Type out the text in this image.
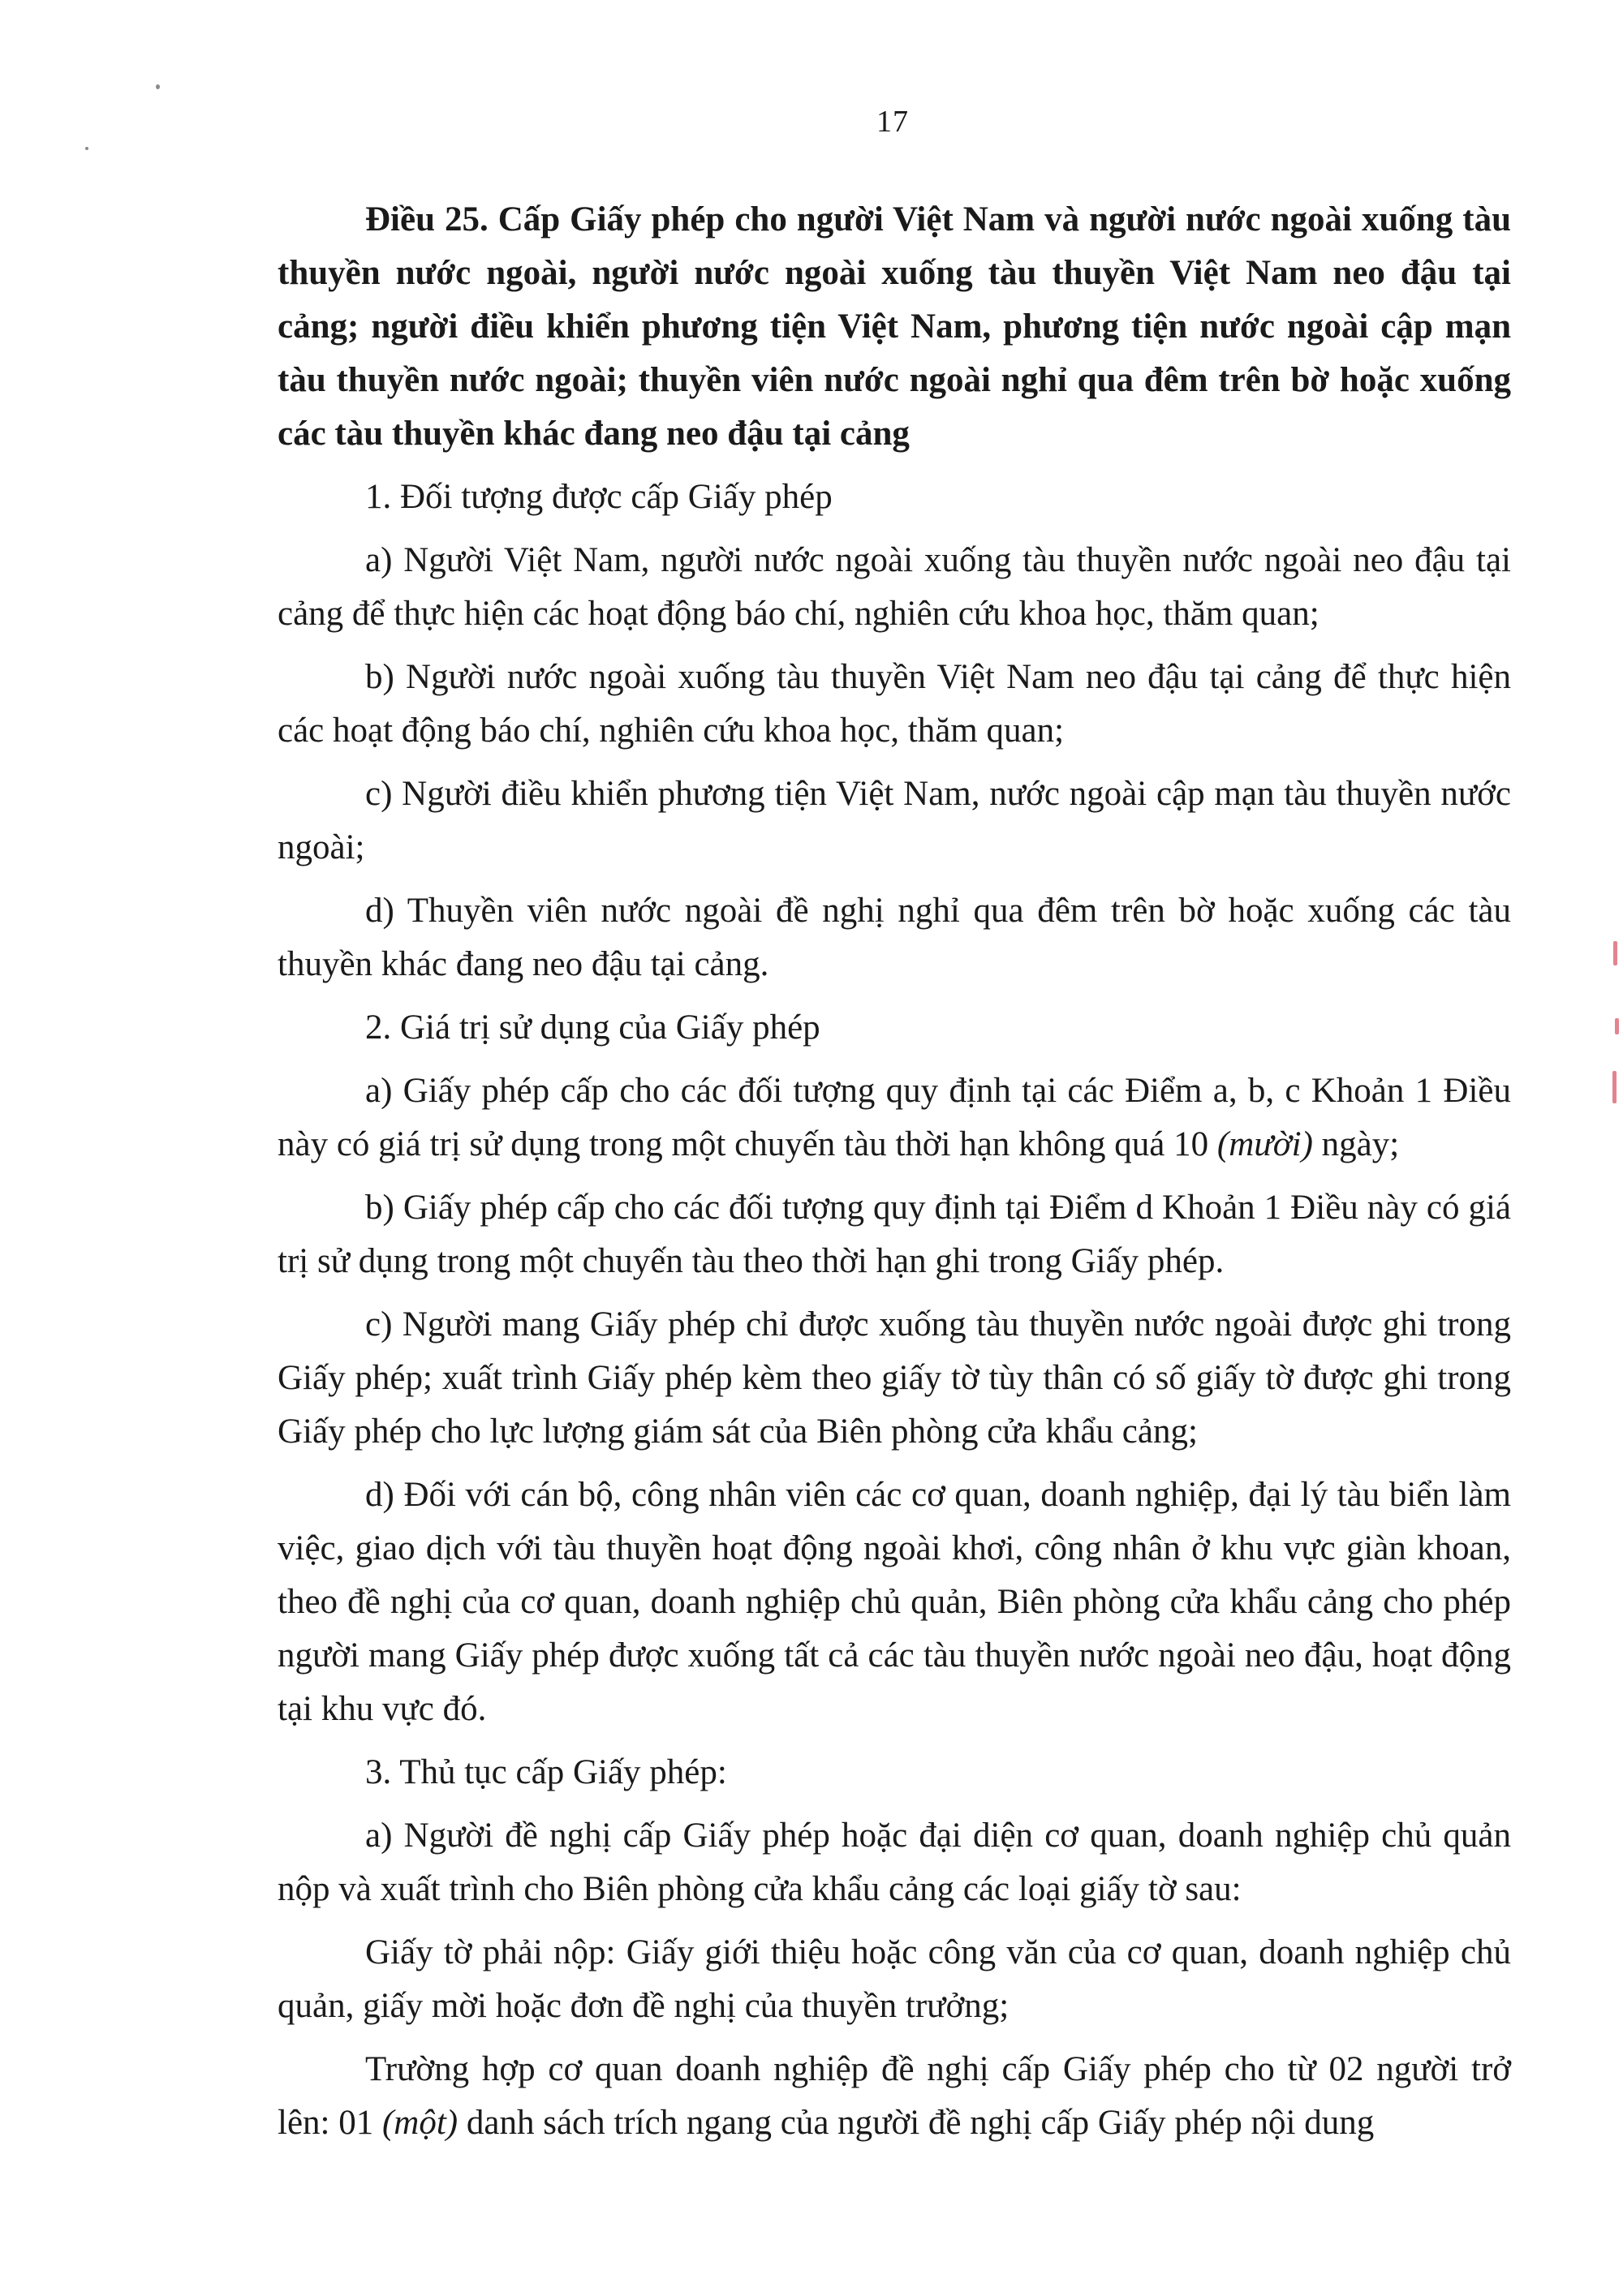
17

Điều 25. Cấp Giấy phép cho người Việt Nam và người nước ngoài xuống tàu thuyền nước ngoài, người nước ngoài xuống tàu thuyền Việt Nam neo đậu tại cảng; người điều khiển phương tiện Việt Nam, phương tiện nước ngoài cập mạn tàu thuyền nước ngoài; thuyền viên nước ngoài nghỉ qua đêm trên bờ hoặc xuống các tàu thuyền khác đang neo đậu tại cảng

1. Đối tượng được cấp Giấy phép

a) Người Việt Nam, người nước ngoài xuống tàu thuyền nước ngoài neo đậu tại cảng để thực hiện các hoạt động báo chí, nghiên cứu khoa học, thăm quan;

b) Người nước ngoài xuống tàu thuyền Việt Nam neo đậu tại cảng để thực hiện các hoạt động báo chí, nghiên cứu khoa học, thăm quan;

c) Người điều khiển phương tiện Việt Nam, nước ngoài cập mạn tàu thuyền nước ngoài;

d) Thuyền viên nước ngoài đề nghị nghỉ qua đêm trên bờ hoặc xuống các tàu thuyền khác đang neo đậu tại cảng.

2. Giá trị sử dụng của Giấy phép

a) Giấy phép cấp cho các đối tượng quy định tại các Điểm a, b, c Khoản 1 Điều này có giá trị sử dụng trong một chuyến tàu thời hạn không quá 10 (mười) ngày;

b) Giấy phép cấp cho các đối tượng quy định tại Điểm d Khoản 1 Điều này có giá trị sử dụng trong một chuyến tàu theo thời hạn ghi trong Giấy phép.

c) Người mang Giấy phép chỉ được xuống tàu thuyền nước ngoài được ghi trong Giấy phép; xuất trình Giấy phép kèm theo giấy tờ tùy thân có số giấy tờ được ghi trong Giấy phép cho lực lượng giám sát của Biên phòng cửa khẩu cảng;

d) Đối với cán bộ, công nhân viên các cơ quan, doanh nghiệp, đại lý tàu biển làm việc, giao dịch với tàu thuyền hoạt động ngoài khơi, công nhân ở khu vực giàn khoan, theo đề nghị của cơ quan, doanh nghiệp chủ quản, Biên phòng cửa khẩu cảng cho phép người mang Giấy phép được xuống tất cả các tàu thuyền nước ngoài neo đậu, hoạt động tại khu vực đó.

3. Thủ tục cấp Giấy phép:

a) Người đề nghị cấp Giấy phép hoặc đại diện cơ quan, doanh nghiệp chủ quản nộp và xuất trình cho Biên phòng cửa khẩu cảng các loại giấy tờ sau:

Giấy tờ phải nộp: Giấy giới thiệu hoặc công văn của cơ quan, doanh nghiệp chủ quản, giấy mời hoặc đơn đề nghị của thuyền trưởng;

Trường hợp cơ quan doanh nghiệp đề nghị cấp Giấy phép cho từ 02 người trở lên: 01 (một) danh sách trích ngang của người đề nghị cấp Giấy phép nội dung
